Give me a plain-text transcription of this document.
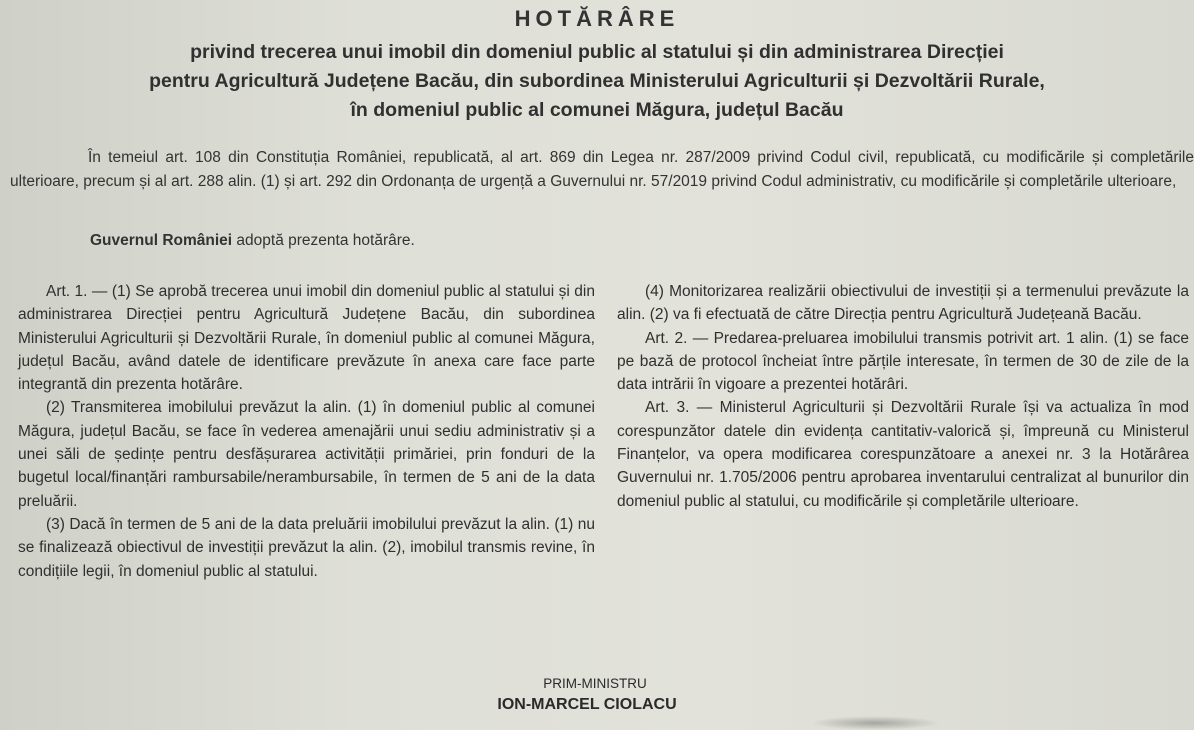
HOTĂRÂRE
privind trecerea unui imobil din domeniul public al statului și din administrarea Direcției
pentru Agricultură Județene Bacău, din subordinea Ministerului Agriculturii și Dezvoltării Rurale,
în domeniul public al comunei Măgura, județul Bacău

În temeiul art. 108 din Constituția României, republicată, al art. 869 din Legea nr. 287/2009 privind Codul civil, republicată, cu modificările și completările ulterioare, precum și al art. 288 alin. (1) și art. 292 din Ordonanța de urgență a Guvernului nr. 57/2019 privind Codul administrativ, cu modificările și completările ulterioare,

Guvernul României adoptă prezenta hotărâre.

Art. 1. — (1) Se aprobă trecerea unui imobil din domeniul public al statului și din administrarea Direcției pentru Agricultură Județene Bacău, din subordinea Ministerului Agriculturii și Dezvoltării Rurale, în domeniul public al comunei Măgura, județul Bacău, având datele de identificare prevăzute în anexa care face parte integrantă din prezenta hotărâre.

(2) Transmiterea imobilului prevăzut la alin. (1) în domeniul public al comunei Măgura, județul Bacău, se face în vederea amenajării unui sediu administrativ și a unei săli de ședințe pentru desfășurarea activității primăriei, prin fonduri de la bugetul local/finanțări rambursabile/nerambursabile, în termen de 5 ani de la data preluării.

(3) Dacă în termen de 5 ani de la data preluării imobilului prevăzut la alin. (1) nu se finalizează obiectivul de investiții prevăzut la alin. (2), imobilul transmis revine, în condițiile legii, în domeniul public al statului.

(4) Monitorizarea realizării obiectivului de investiții și a termenului prevăzute la alin. (2) va fi efectuată de către Direcția pentru Agricultură Județeană Bacău.

Art. 2. — Predarea-preluarea imobilului transmis potrivit art. 1 alin. (1) se face pe bază de protocol încheiat între părțile interesate, în termen de 30 de zile de la data intrării în vigoare a prezentei hotărâri.

Art. 3. — Ministerul Agriculturii și Dezvoltării Rurale își va actualiza în mod corespunzător datele din evidența cantitativ-valorică și, împreună cu Ministerul Finanțelor, va opera modificarea corespunzătoare a anexei nr. 3 la Hotărârea Guvernului nr. 1.705/2006 pentru aprobarea inventarului centralizat al bunurilor din domeniul public al statului, cu modificările și completările ulterioare.

PRIM-MINISTRU
ION-MARCEL CIOLACU
